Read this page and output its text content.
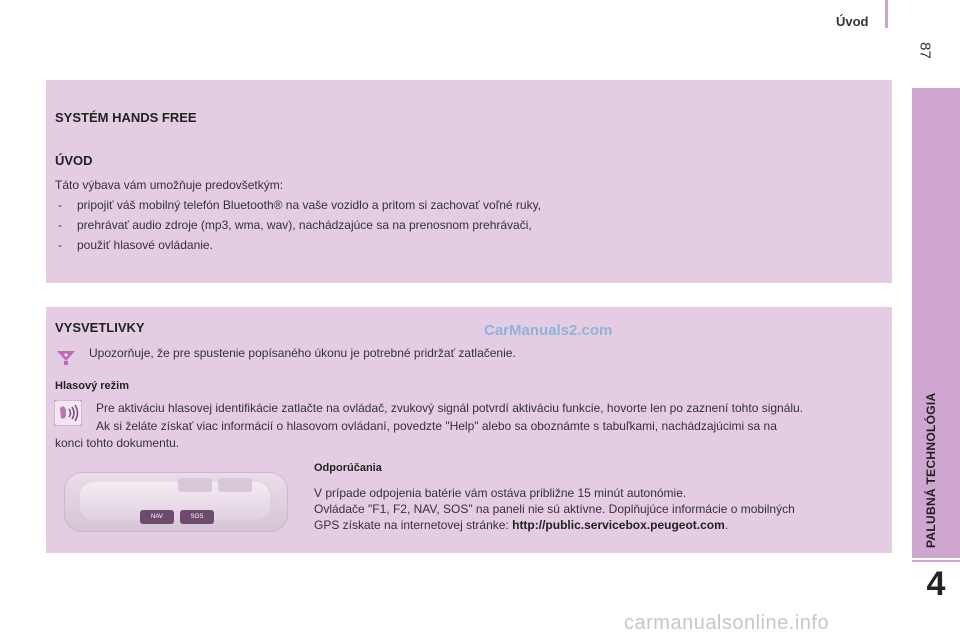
Úvod
87
PALUBNÁ TECHNOLÓGIA
4
SYSTÉM HANDS FREE
ÚVOD
Táto výbava vám umožňuje predovšetkým:
- pripojiť váš mobilný telefón Bluetooth® na vaše vozidlo a pritom si zachovať voľné ruky,
- prehrávať audio zdroje (mp3, wma, wav), nachádzajúce sa na prenosnom prehrávači,
- použiť hlasové ovládanie.
VYSVETLIVKY	CarManuals2.com
Upozorňuje, že pre spustenie popísaného úkonu je potrebné pridržať zatlačenie.
Hlasový režim
Pre aktiváciu hlasovej identifikácie zatlačte na ovládač, zvukový signál potvrdí aktiváciu funkcie, hovorte len po zaznení tohto signálu.
Ak si želáte získať viac informácií o hlasovom ovládaní, povedzte "Help" alebo sa oboznámte s tabuľkami, nachádzajúcimi sa na
konci tohto dokumentu.
NAV	SOS
Odporúčania
V prípade odpojenia batérie vám ostáva približne 15 minút autonómie.
Ovládače "F1, F2, NAV, SOS" na paneli nie sú aktívne. Doplňujúce informácie o mobilných
GPS získate na internetovej stránke: http://public.servicebox.peugeot.com.
carmanualsonline.info
